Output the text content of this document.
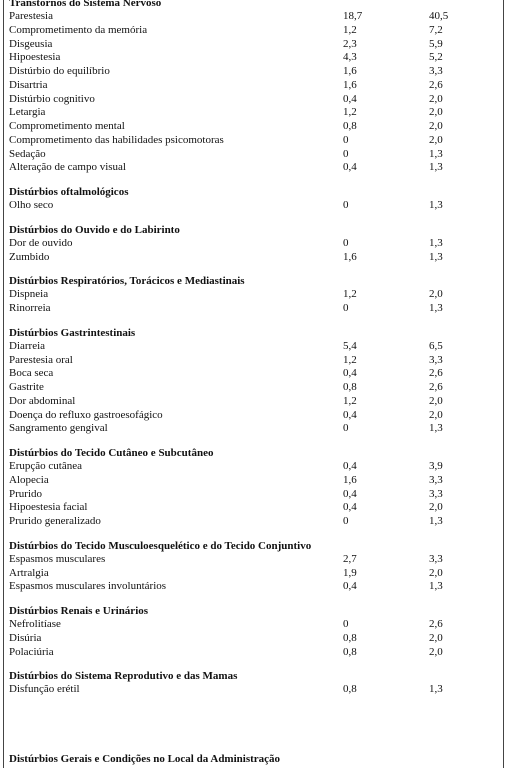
Transtornos do Sistema Nervoso
Parestesia	18,7	40,5
Comprometimento da memória	1,2	7,2
Disgeusia	2,3	5,9
Hipoestesia	4,3	5,2
Distúrbio do equilíbrio	1,6	3,3
Disartria	1,6	2,6
Distúrbio cognitivo	0,4	2,0
Letargia	1,2	2,0
Comprometimento mental	0,8	2,0
Comprometimento das habilidades psicomotoras	0	2,0
Sedação	0	1,3
Alteração de campo visual	0,4	1,3
Distúrbios oftalmológicos
Olho seco	0	1,3
Distúrbios do Ouvido e do Labirinto
Dor de ouvido	0	1,3
Zumbido	1,6	1,3
Distúrbios Respiratórios, Torácicos e Mediastinais
Dispneia	1,2	2,0
Rinorreia	0	1,3
Distúrbios Gastrintestinais
Diarreia	5,4	6,5
Parestesia oral	1,2	3,3
Boca seca	0,4	2,6
Gastrite	0,8	2,6
Dor abdominal	1,2	2,0
Doença do refluxo gastroesofágico	0,4	2,0
Sangramento gengival	0	1,3
Distúrbios do Tecido Cutâneo e Subcutâneo
Erupção cutânea	0,4	3,9
Alopecia	1,6	3,3
Prurido	0,4	3,3
Hipoestesia facial	0,4	2,0
Prurido generalizado	0	1,3
Distúrbios do Tecido Musculoesquelético e do Tecido Conjuntivo
Espasmos musculares	2,7	3,3
Artralgia	1,9	2,0
Espasmos musculares involuntários	0,4	1,3
Distúrbios Renais e Urinários
Nefrolitíase	0	2,6
Disúria	0,8	2,0
Polaciúria	0,8	2,0
Distúrbios do Sistema Reprodutivo e das Mamas
Disfunção erétil	0,8	1,3
Distúrbios Gerais e Condições no Local da Administração
